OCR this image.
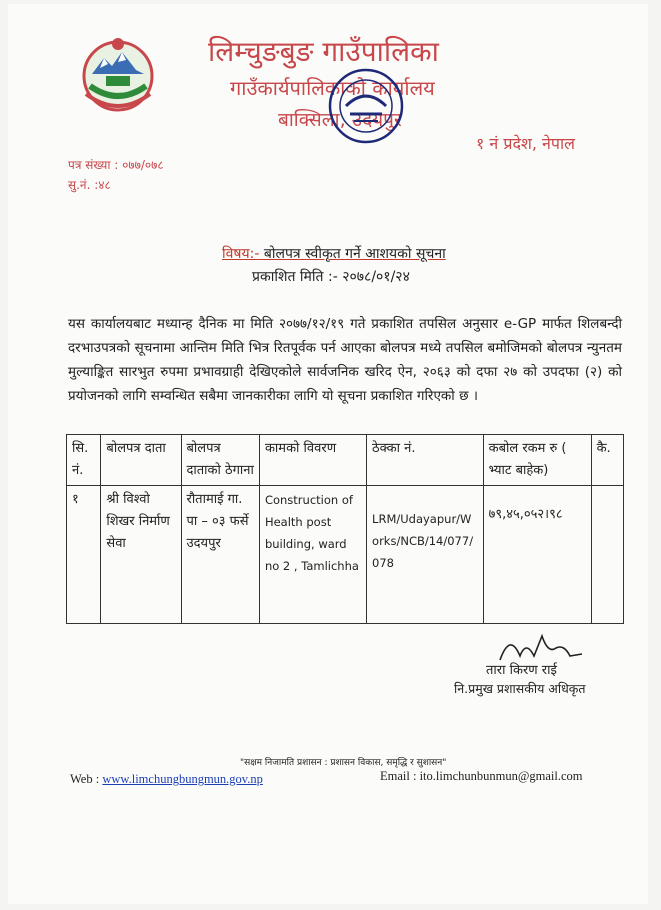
लिम्चुङबुङ गाउँपालिका
गाउँकार्यपालिकाको कार्यालय
बाक्सिला, उदयपुर
१ नं प्रदेश, नेपाल
पत्र संख्या : ०७७/०७८
सु.नं. :४८
विषय:- बोलपत्र स्वीकृत गर्ने आशयको सूचना
प्रकाशित मिति :- २०७८/०१/२४
यस कार्यालयबाट मध्यान्ह दैनिक मा मिति २०७७/१२/१९ गते प्रकाशित तपसिल अनुसार e-GP मार्फत शिलबन्दी दरभाउपत्रको सूचनामा आन्तिम मिति भित्र रितपूर्वक पर्न आएका बोलपत्र मध्ये तपसिल बमोजिमको बोलपत्र न्युनतम मुल्याङ्कित सारभुत रुपमा प्रभावग्राही देखिएकोले सार्वजनिक खरिद ऐन, २०६३ को दफा २७ को उपदफा (२) को प्रयोजनको लागि सम्वन्धित सबैमा जानकारीका लागि यो सूचना प्रकाशित गरिएको छ ।
सि. नं.	बोलपत्र दाता	बोलपत्र दाताको ठेगाना	कामको विवरण	ठेक्का नं.	कबोल रकम रु ( भ्याट बाहेक)	कै.
१	श्री विश्वो शिखर निर्माण सेवा	रौतामाई गा. पा – ०३ फर्से उदयपुर	Construction of Health post building, ward no 2 , Tamlichha	LRM/Udayapur/Works/NCB/14/077/078	७९,४५,०५२।९८	
तारा किरण राई
नि.प्रमुख प्रशासकीय अधिकृत
"सक्षम निजामति प्रशासन : प्रशासन विकास, समृद्धि र सुशासन"
Web : www.limchungbungmun.gov.np	Email : ito.limchunbunmun@gmail.com
